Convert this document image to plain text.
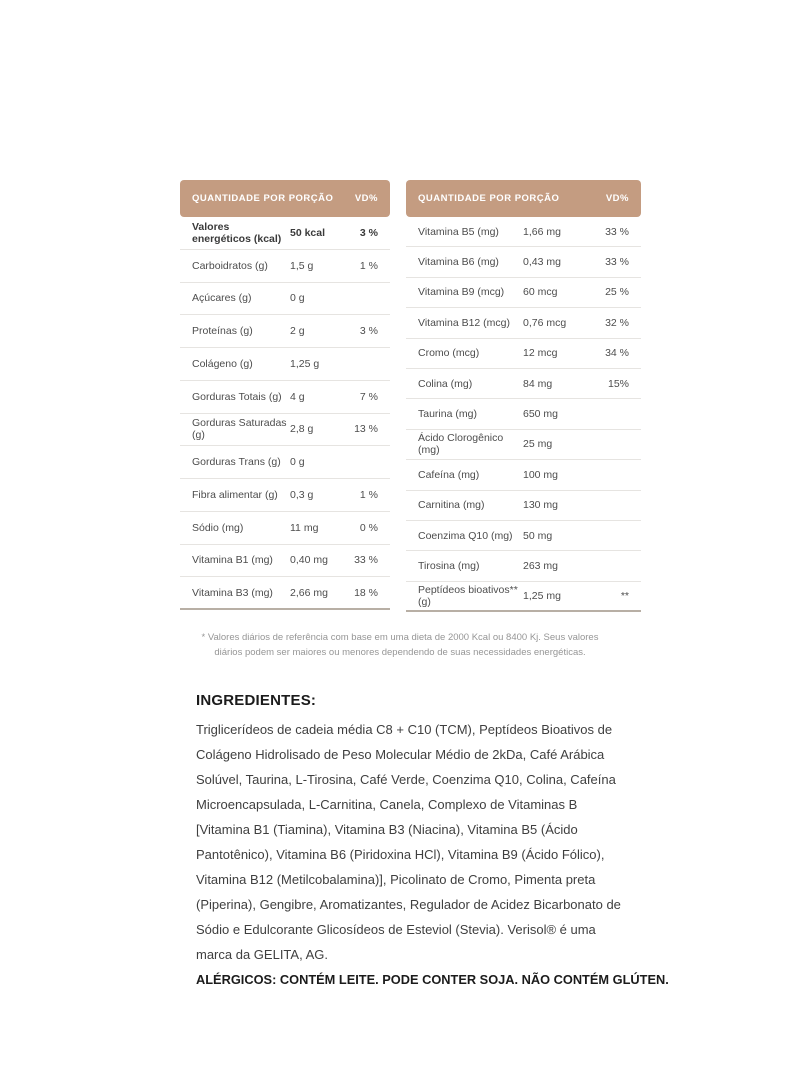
QUANTIDADE POR PORÇÃO VD%
Valores energéticos (kcal) 50 kcal	3 %
Carboidratos (g)	1,5 g	1 %
Açúcares (g)	0 g
Proteínas (g)	2 g	3 %
Colágeno (g)	1,25 g
Gorduras Totais (g) 4 g	7 %
Gorduras Saturadas (g)	2,8 g	13 %
Gorduras Trans (g) 0 g
Fibra alimentar (g)	0,3 g	1 %
Sódio (mg)	11 mg	0 %
Vitamina B1 (mg)	0,40 mg	33 %
Vitamina B3 (mg)	2,66 mg	18 %
QUANTIDADE POR PORÇÃO	VD%
Vitamina B5 (mg)	1,66 mg	33 %
Vitamina B6 (mg)	0,43 mg	33 %
Vitamina B9 (mcg)	60 mcg	25 %
Vitamina B12 (mcg)	0,76 mcg	32 %
Cromo (mcg)	12 mcg	34 %
Colina (mg)	84 mg	15%
Taurina (mg)	650 mg
Ácido Clorogênico (mg)	25 mg
Cafeína (mg)	100 mg
Carnitina (mg)	130 mg
Coenzima Q10 (mg) 50 mg
Tirosina (mg)	263 mg
Peptídeos bioativos** (g)	1,25 mg	**

* Valores diários de referência com base em uma dieta de 2000 Kcal ou 8400 Kj. Seus valores diários podem ser maiores ou menores dependendo de suas necessidades energéticas.

INGREDIENTES:

Triglicerídeos de cadeia média C8 + C10 (TCM), Peptídeos Bioativos de Colágeno Hidrolisado de Peso Molecular Médio de 2kDa, Café Arábica Solúvel, Taurina, L-Tirosina, Café Verde, Coenzima Q10, Colina, Cafeína Microencapsulada, L-Carnitina, Canela, Complexo de Vitaminas B [Vitamina B1 (Tiamina), Vitamina B3 (Niacina), Vitamina B5 (Ácido Pantotênico), Vitamina B6 (Piridoxina HCl), Vitamina B9 (Ácido Fólico), Vitamina B12 (Metilcobalamina)], Picolinato de Cromo, Pimenta preta (Piperina), Gengibre, Aromatizantes, Regulador de Acidez Bicarbonato de Sódio e Edulcorante Glicosídeos de Esteviol (Stevia). Verisol® é uma marca da GELITA, AG.

ALÉRGICOS: CONTÉM LEITE. PODE CONTER SOJA. NÃO CONTÉM GLÚTEN.
